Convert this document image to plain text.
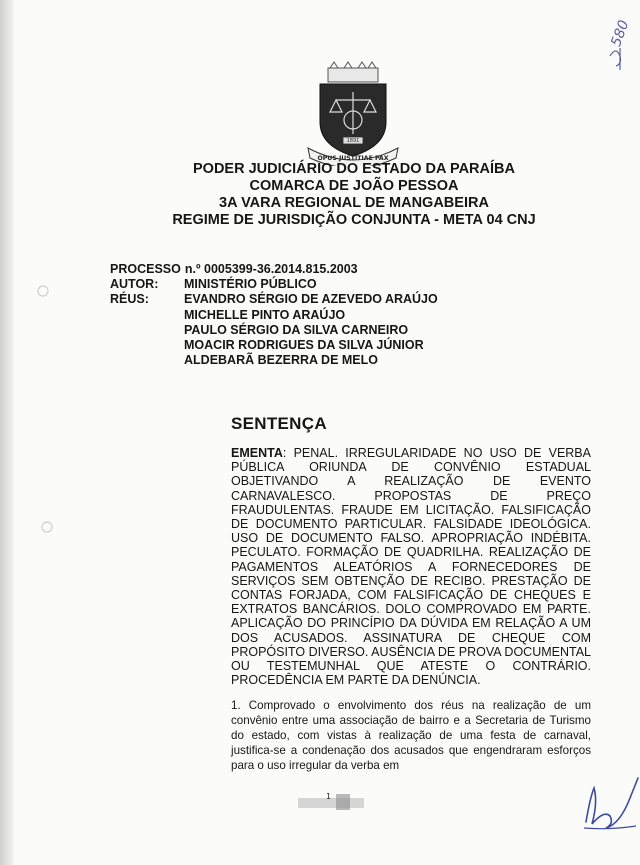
580
1891
OPUS JUSTITIAE PAX
PODER JUDICIÁRIO DO ESTADO DA PARAÍBA
COMARCA DE JOÃO PESSOA
3A VARA REGIONAL DE MANGABEIRA
REGIME DE JURISDIÇÃO CONJUNTA - META 04 CNJ
PROCESSO n.º 0005399-36.2014.815.2003
AUTOR:	MINISTÉRIO PÚBLICO
RÉUS:	EVANDRO SÉRGIO DE AZEVEDO ARAÚJO
MICHELLE PINTO ARAÚJO
PAULO SÉRGIO DA SILVA CARNEIRO
MOACIR RODRIGUES DA SILVA JÚNIOR
ALDEBARÃ BEZERRA DE MELO
SENTENÇA
EMENTA: PENAL. IRREGULARIDADE NO USO DE VERBA PÚBLICA ORIUNDA DE CONVÊNIO ESTADUAL OBJETIVANDO A REALIZAÇÃO DE EVENTO CARNAVALESCO. PROPOSTAS DE PREÇO FRAUDULENTAS. FRAUDE EM LICITAÇÃO. FALSIFICAÇÃO DE DOCUMENTO PARTICULAR. FALSIDADE IDEOLÓGICA. USO DE DOCUMENTO FALSO. APROPRIAÇÃO INDÉBITA. PECULATO. FORMAÇÃO DE QUADRILHA. REALIZAÇÃO DE PAGAMENTOS ALEATÓRIOS A FORNECEDORES DE SERVIÇOS SEM OBTENÇÃO DE RECIBO. PRESTAÇÃO DE CONTAS FORJADA, COM FALSIFICAÇÃO DE CHEQUES E EXTRATOS BANCÁRIOS. DOLO COMPROVADO EM PARTE. APLICAÇÃO DO PRINCÍPIO DA DÚVIDA EM RELAÇÃO A UM DOS ACUSADOS. ASSINATURA DE CHEQUE COM PROPÓSITO DIVERSO. AUSÊNCIA DE PROVA DOCUMENTAL OU TESTEMUNHAL QUE ATESTE O CONTRÁRIO. PROCEDÊNCIA EM PARTE DA DENÚNCIA.
1. Comprovado o envolvimento dos réus na realização de um convênio entre uma associação de bairro e a Secretaria de Turismo do estado, com vistas à realização de uma festa de carnaval, justifica-se a condenação dos acusados que engendraram esforços para o uso irregular da verba em
1
